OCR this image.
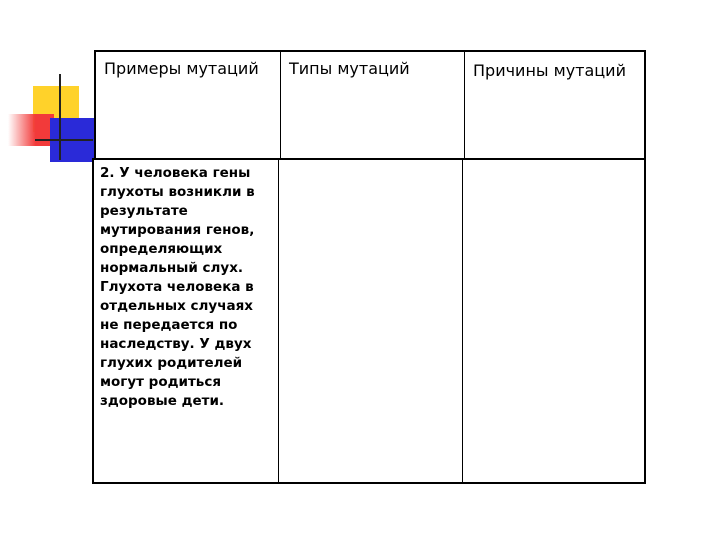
Примеры мутаций	Типы мутаций	Причины мутаций
2. У человека гены глухоты возникли в результате мутирования генов, определяющих нормальный слух. Глухота человека в отдельных случаях не передается по наследству. У двух глухих родителей могут родиться здоровые дети.
